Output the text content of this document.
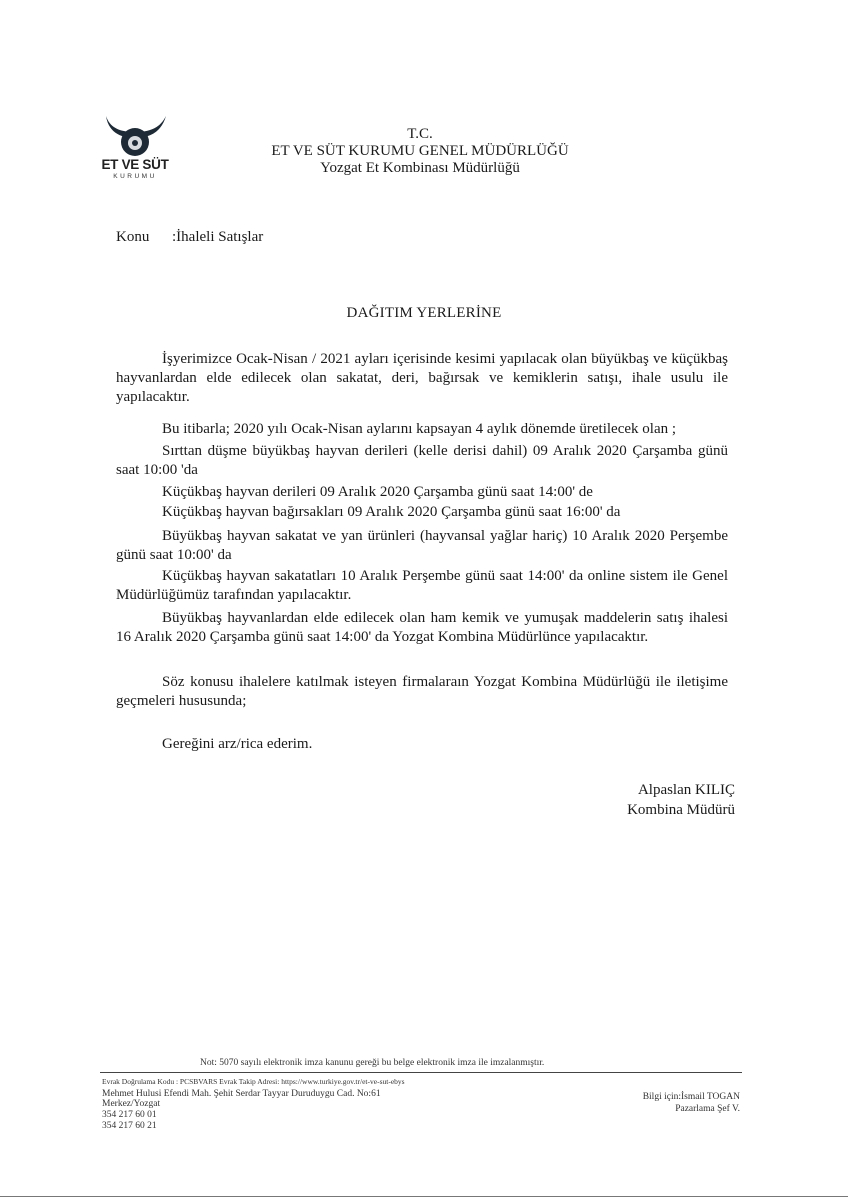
ET VE SÜT
KURUMU
T.C.
ET VE SÜT KURUMU GENEL MÜDÜRLÜĞÜ
Yozgat Et Kombinası Müdürlüğü
Konu :İhaleli Satışlar
DAĞITIM YERLERİNE

İşyerimizce Ocak-Nisan / 2021 ayları içerisinde kesimi yapılacak olan büyükbaş ve küçükbaş hayvanlardan elde edilecek olan sakatat, deri, bağırsak ve kemiklerin satışı, ihale usulu ile yapılacaktır.

Bu itibarla; 2020 yılı Ocak-Nisan aylarını kapsayan 4 aylık dönemde üretilecek olan ;

Sırttan düşme büyükbaş hayvan derileri (kelle derisi dahil) 09 Aralık 2020 Çarşamba günü saat 10:00 'da

Küçükbaş hayvan derileri 09 Aralık 2020 Çarşamba günü saat 14:00' de

Küçükbaş hayvan bağırsakları 09 Aralık 2020 Çarşamba günü saat 16:00' da

Büyükbaş hayvan sakatat ve yan ürünleri (hayvansal yağlar hariç) 10 Aralık 2020 Perşembe günü saat 10:00' da

Küçükbaş hayvan sakatatları 10 Aralık Perşembe günü saat 14:00' da online sistem ile Genel Müdürlüğümüz tarafından yapılacaktır.

Büyükbaş hayvanlardan elde edilecek olan ham kemik ve yumuşak maddelerin satış ihalesi 16 Aralık 2020 Çarşamba günü saat 14:00' da Yozgat Kombina Müdürlünce yapılacaktır.

Söz konusu ihalelere katılmak isteyen firmalaraın Yozgat Kombina Müdürlüğü ile iletişime geçmeleri hususunda;

Gereğini arz/rica ederim.
Alpaslan KILIÇ
Kombina Müdürü
Not: 5070 sayılı elektronik imza kanunu gereği bu belge elektronik imza ile imzalanmıştır.
Evrak Doğrulama Kodu : PCSBVARS Evrak Takip Adresi: https://www.turkiye.gov.tr/et-ve-sut-ebys
Mehmet Hulusi Efendi Mah. Şehit Serdar Tayyar Duruduygu Cad. No:61
Merkez/Yozgat
354 217 60 01
354 217 60 21
Bilgi için:İsmail TOGAN
Pazarlama Şef V.
